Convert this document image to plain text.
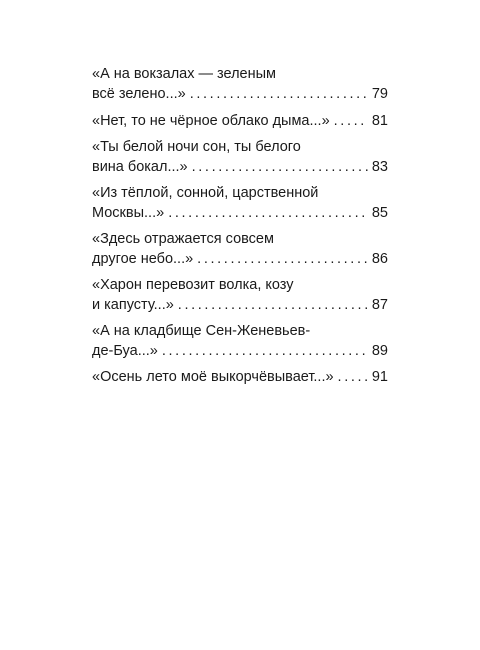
«А на вокзалах — зеленым
всё зелено...» . . .	79
«Нет, то не чёрное облако дыма...» . . .	81
«Ты белой ночи сон, ты белого
вина бокал...» . . .	83
«Из тёплой, сонной, царственной
Москвы...» . . .	85
«Здесь отражается совсем
другое небо...» . . .	86
«Харон перевозит волка, козу
и капусту...» . . .	87
«А на кладбище Сен-Женевьев-
де-Буа...» . . .	89
«Осень лето моё выкорчёвывает...» . . .	91
